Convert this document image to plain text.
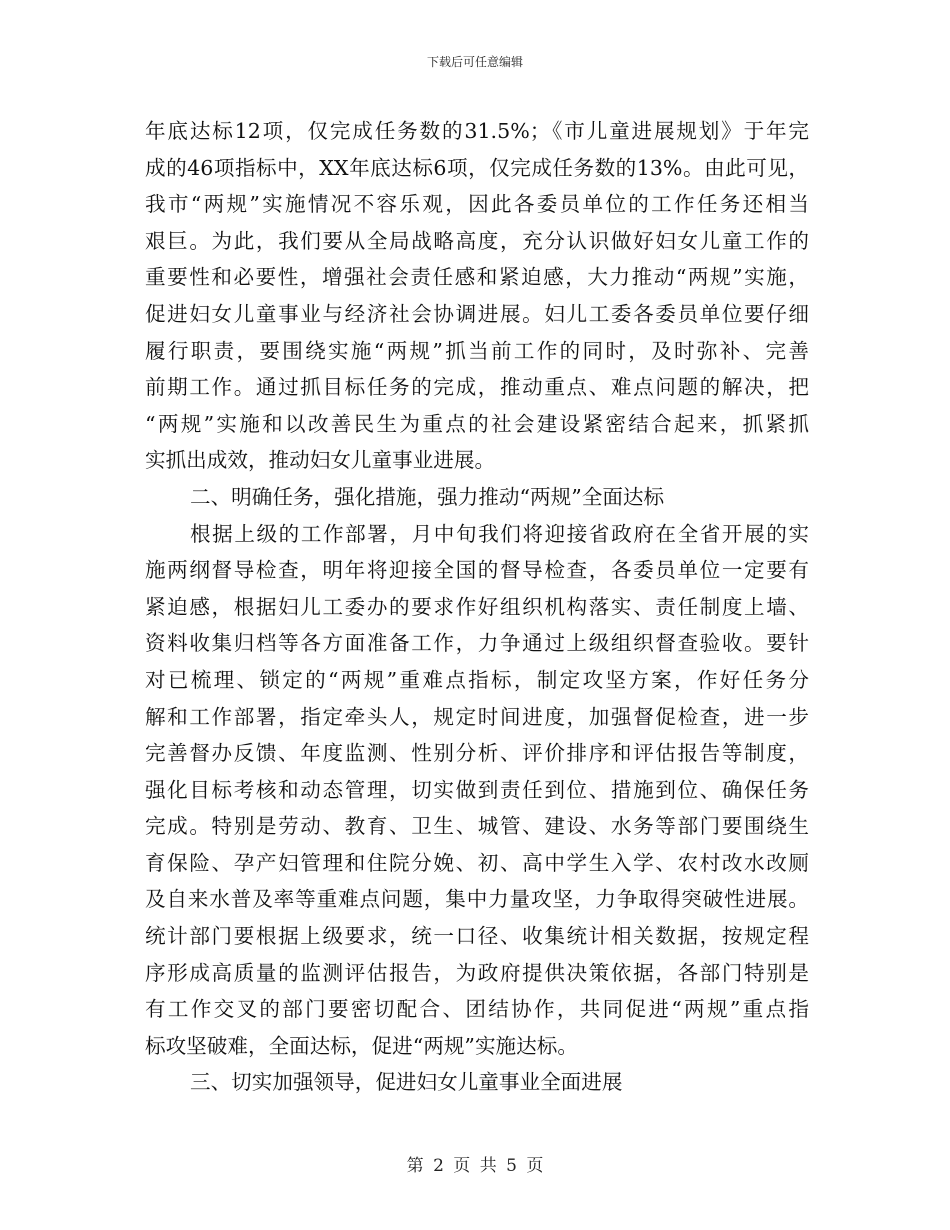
下载后可任意编辑
年底达标12项，仅完成任务数的31.5%；《市儿童进展规划》于年完
成的46项指标中，XX年底达标6项，仅完成任务数的13%。由此可见，
我市“两规”实施情况不容乐观，因此各委员单位的工作任务还相当
艰巨。为此，我们要从全局战略高度，充分认识做好妇女儿童工作的
重要性和必要性，增强社会责任感和紧迫感，大力推动“两规”实施，
促进妇女儿童事业与经济社会协调进展。妇儿工委各委员单位要仔细
履行职责，要围绕实施“两规”抓当前工作的同时，及时弥补、完善
前期工作。通过抓目标任务的完成，推动重点、难点问题的解决，把
“两规”实施和以改善民生为重点的社会建设紧密结合起来，抓紧抓
实抓出成效，推动妇女儿童事业进展。
二、明确任务，强化措施，强力推动“两规”全面达标
根据上级的工作部署，月中旬我们将迎接省政府在全省开展的实
施两纲督导检查，明年将迎接全国的督导检查，各委员单位一定要有
紧迫感，根据妇儿工委办的要求作好组织机构落实、责任制度上墙、
资料收集归档等各方面准备工作，力争通过上级组织督查验收。要针
对已梳理、锁定的“两规”重难点指标，制定攻坚方案，作好任务分
解和工作部署，指定牵头人，规定时间进度，加强督促检查，进一步
完善督办反馈、年度监测、性别分析、评价排序和评估报告等制度，
强化目标考核和动态管理，切实做到责任到位、措施到位、确保任务
完成。特别是劳动、教育、卫生、城管、建设、水务等部门要围绕生
育保险、孕产妇管理和住院分娩、初、高中学生入学、农村改水改厕
及自来水普及率等重难点问题，集中力量攻坚，力争取得突破性进展。
统计部门要根据上级要求，统一口径、收集统计相关数据，按规定程
序形成高质量的监测评估报告，为政府提供决策依据，各部门特别是
有工作交叉的部门要密切配合、团结协作，共同促进“两规”重点指
标攻坚破难，全面达标，促进“两规”实施达标。
三、切实加强领导，促进妇女儿童事业全面进展
第 2 页 共 5 页
